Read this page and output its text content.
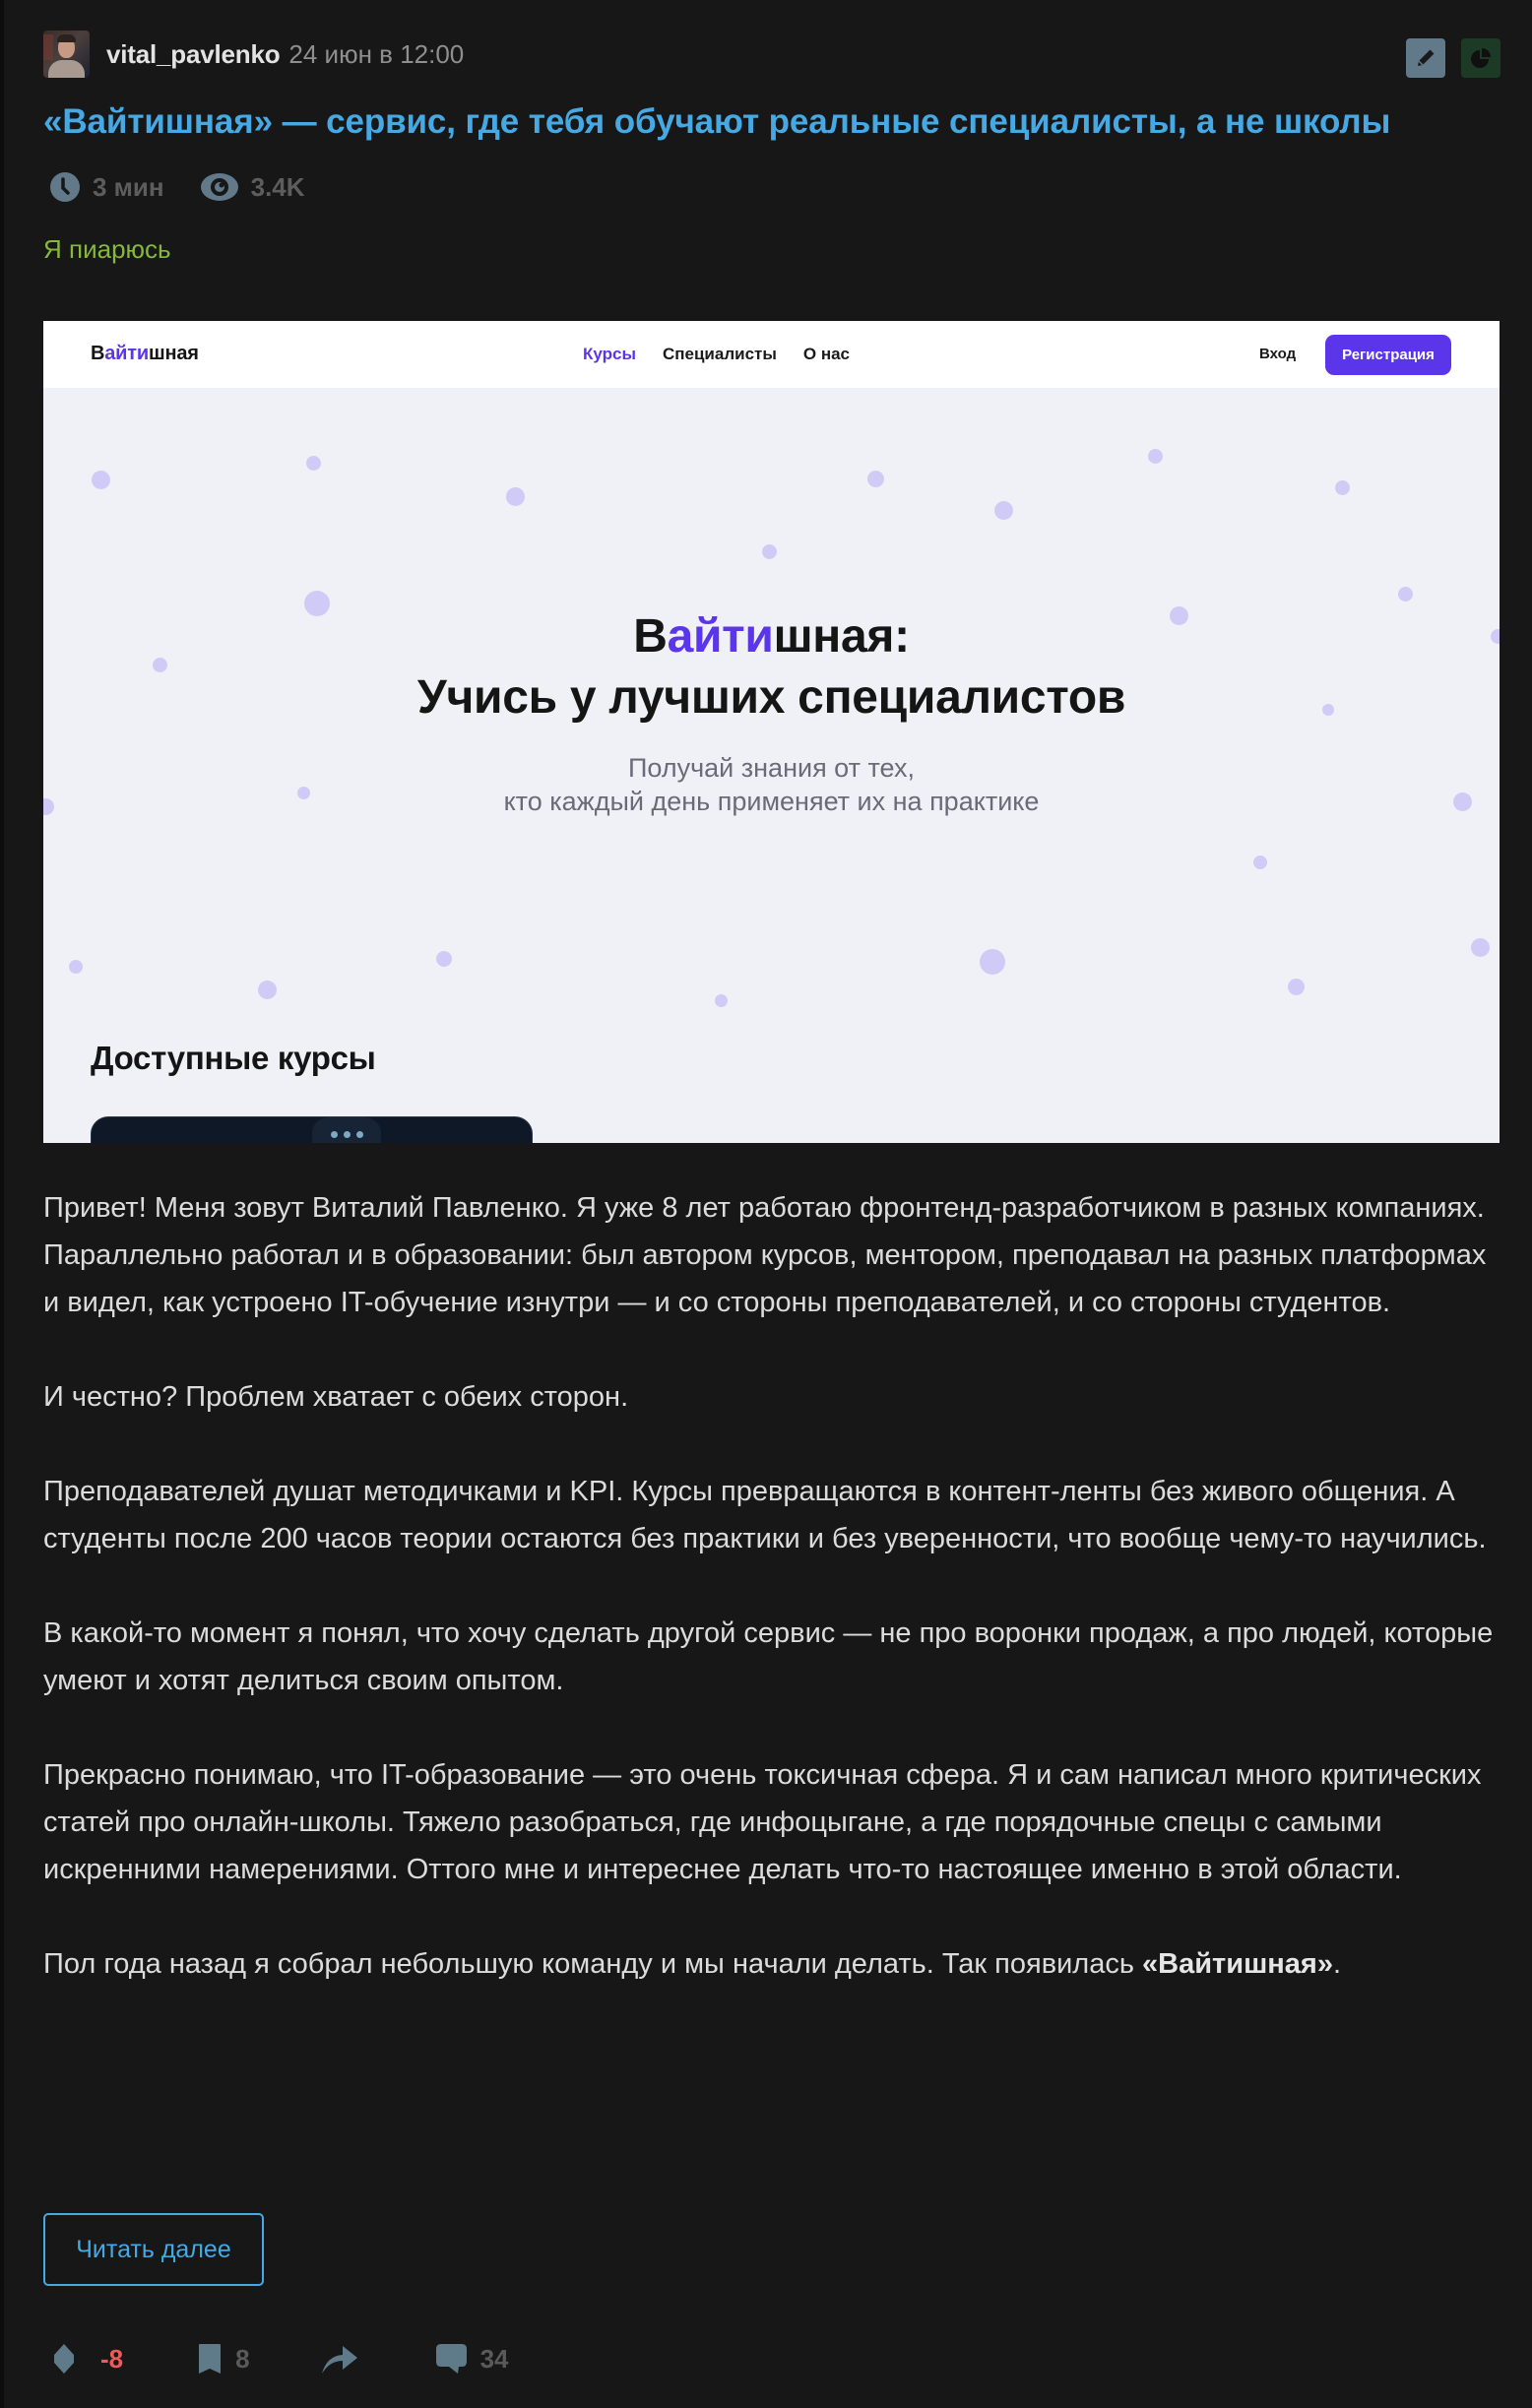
vital_pavlenko 24 июн в 12:00
«Вайтишная» — сервис, где тебя обучают реальные специалисты, а не школы
3 мин	3.4K
Я пиарюсь
Вайтишная	Курсы Специалисты О нас	Вход	Регистрация
Вайтишная:
Учись у лучших специалистов
Получай знания от тех,
кто каждый день применяет их на практике
Доступные курсы

Привет! Меня зовут Виталий Павленко. Я уже 8 лет работаю фронтенд-разработчиком в разных компаниях. Параллельно работал и в образовании: был автором курсов, ментором, преподавал на разных платформах и видел, как устроено IT-обучение изнутри — и со стороны преподавателей, и со стороны студентов.

И честно? Проблем хватает с обеих сторон.

Преподавателей душат методичками и KPI. Курсы превращаются в контент-ленты без живого общения. А студенты после 200 часов теории остаются без практики и без уверенности, что вообще чему-то научились.

В какой-то момент я понял, что хочу сделать другой сервис — не про воронки продаж, а про людей, которые умеют и хотят делиться своим опытом.

Прекрасно понимаю, что IT-образование — это очень токсичная сфера. Я и сам написал много критических статей про онлайн-школы. Тяжело разобраться, где инфоцыгане, а где порядочные спецы с самыми искренними намерениями. Оттого мне и интереснее делать что-то настоящее именно в этой области.

Пол года назад я собрал небольшую команду и мы начали делать. Так появилась «Вайтишная».

Читать далее
-8	8	34
